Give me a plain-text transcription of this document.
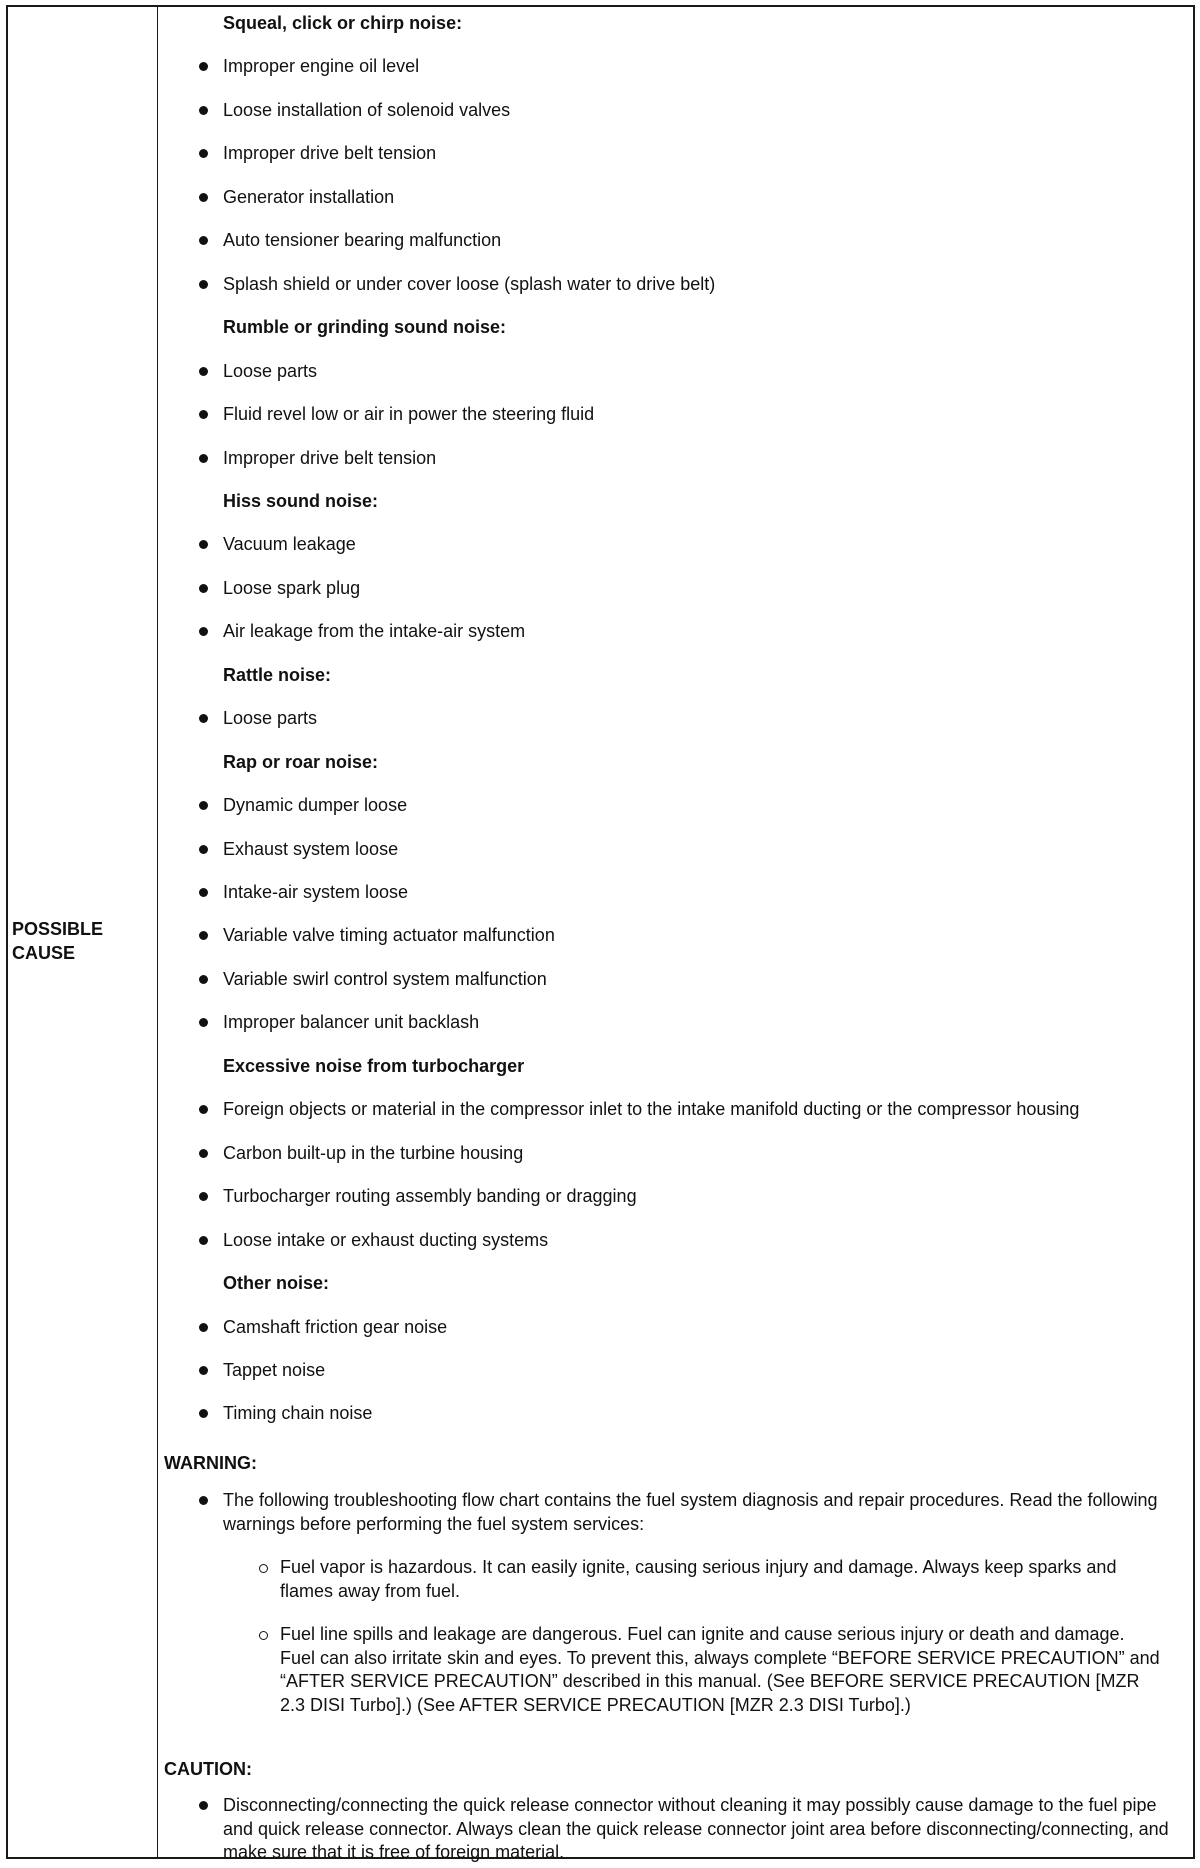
POSSIBLE CAUSE
Squeal, click or chirp noise:
Improper engine oil level
Loose installation of solenoid valves
Improper drive belt tension
Generator installation
Auto tensioner bearing malfunction
Splash shield or under cover loose (splash water to drive belt)
Rumble or grinding sound noise:
Loose parts
Fluid revel low or air in power the steering fluid
Improper drive belt tension
Hiss sound noise:
Vacuum leakage
Loose spark plug
Air leakage from the intake-air system
Rattle noise:
Loose parts
Rap or roar noise:
Dynamic dumper loose
Exhaust system loose
Intake-air system loose
Variable valve timing actuator malfunction
Variable swirl control system malfunction
Improper balancer unit backlash
Excessive noise from turbocharger
Foreign objects or material in the compressor inlet to the intake manifold ducting or the compressor housing
Carbon built-up in the turbine housing
Turbocharger routing assembly banding or dragging
Loose intake or exhaust ducting systems
Other noise:
Camshaft friction gear noise
Tappet noise
Timing chain noise
WARNING:
The following troubleshooting flow chart contains the fuel system diagnosis and repair procedures. Read the following warnings before performing the fuel system services:
Fuel vapor is hazardous. It can easily ignite, causing serious injury and damage. Always keep sparks and flames away from fuel.
Fuel line spills and leakage are dangerous. Fuel can ignite and cause serious injury or death and damage. Fuel can also irritate skin and eyes. To prevent this, always complete “BEFORE SERVICE PRECAUTION” and “AFTER SERVICE PRECAUTION” described in this manual. (See BEFORE SERVICE PRECAUTION [MZR 2.3 DISI Turbo].) (See AFTER SERVICE PRECAUTION [MZR 2.3 DISI Turbo].)
CAUTION:
Disconnecting/connecting the quick release connector without cleaning it may possibly cause damage to the fuel pipe and quick release connector. Always clean the quick release connector joint area before disconnecting/connecting, and make sure that it is free of foreign material.
